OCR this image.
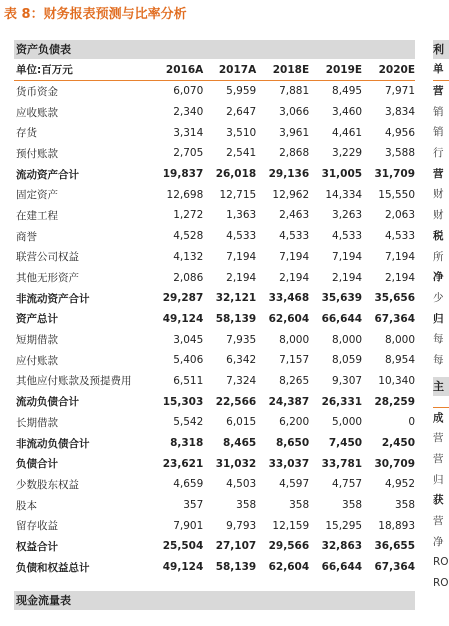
表 8：财务报表预测与比率分析
资产负债表
单位:百万元	2016A	2017A	2018E	2019E	2020E
货币资金	6,070	5,959	7,881	8,495	7,971
应收账款	2,340	2,647	3,066	3,460	3,834
存货	3,314	3,510	3,961	4,461	4,956
预付账款	2,705	2,541	2,868	3,229	3,588
流动资产合计	19,837	26,018	29,136	31,005	31,709
固定资产	12,698	12,715	12,962	14,334	15,550
在建工程	1,272	1,363	2,463	3,263	2,063
商誉	4,528	4,533	4,533	4,533	4,533
联营公司权益	4,132	7,194	7,194	7,194	7,194
其他无形资产	2,086	2,194	2,194	2,194	2,194
非流动资产合计	29,287	32,121	33,468	35,639	35,656
资产总计	49,124	58,139	62,604	66,644	67,364
短期借款	3,045	7,935	8,000	8,000	8,000
应付账款	5,406	6,342	7,157	8,059	8,954
其他应付账款及预提费用	6,511	7,324	8,265	9,307	10,340
流动负债合计	15,303	22,566	24,387	26,331	28,259
长期借款	5,542	6,015	6,200	5,000	0
非流动负债合计	8,318	8,465	8,650	7,450	2,450
负债合计	23,621	31,032	33,037	33,781	30,709
少数股东权益	4,659	4,503	4,597	4,757	4,952
股本	357	358	358	358	358
留存收益	7,901	9,793	12,159	15,295	18,893
权益合计	25,504	27,107	29,566	32,863	36,655
负债和权益总计	49,124	58,139	62,604	66,644	67,364
现金流量表
利
单
营
销
销
行
营
财
财
税
所
净
少
归
每
每
主
成
营
营
归
获
营
净
RO
RO
